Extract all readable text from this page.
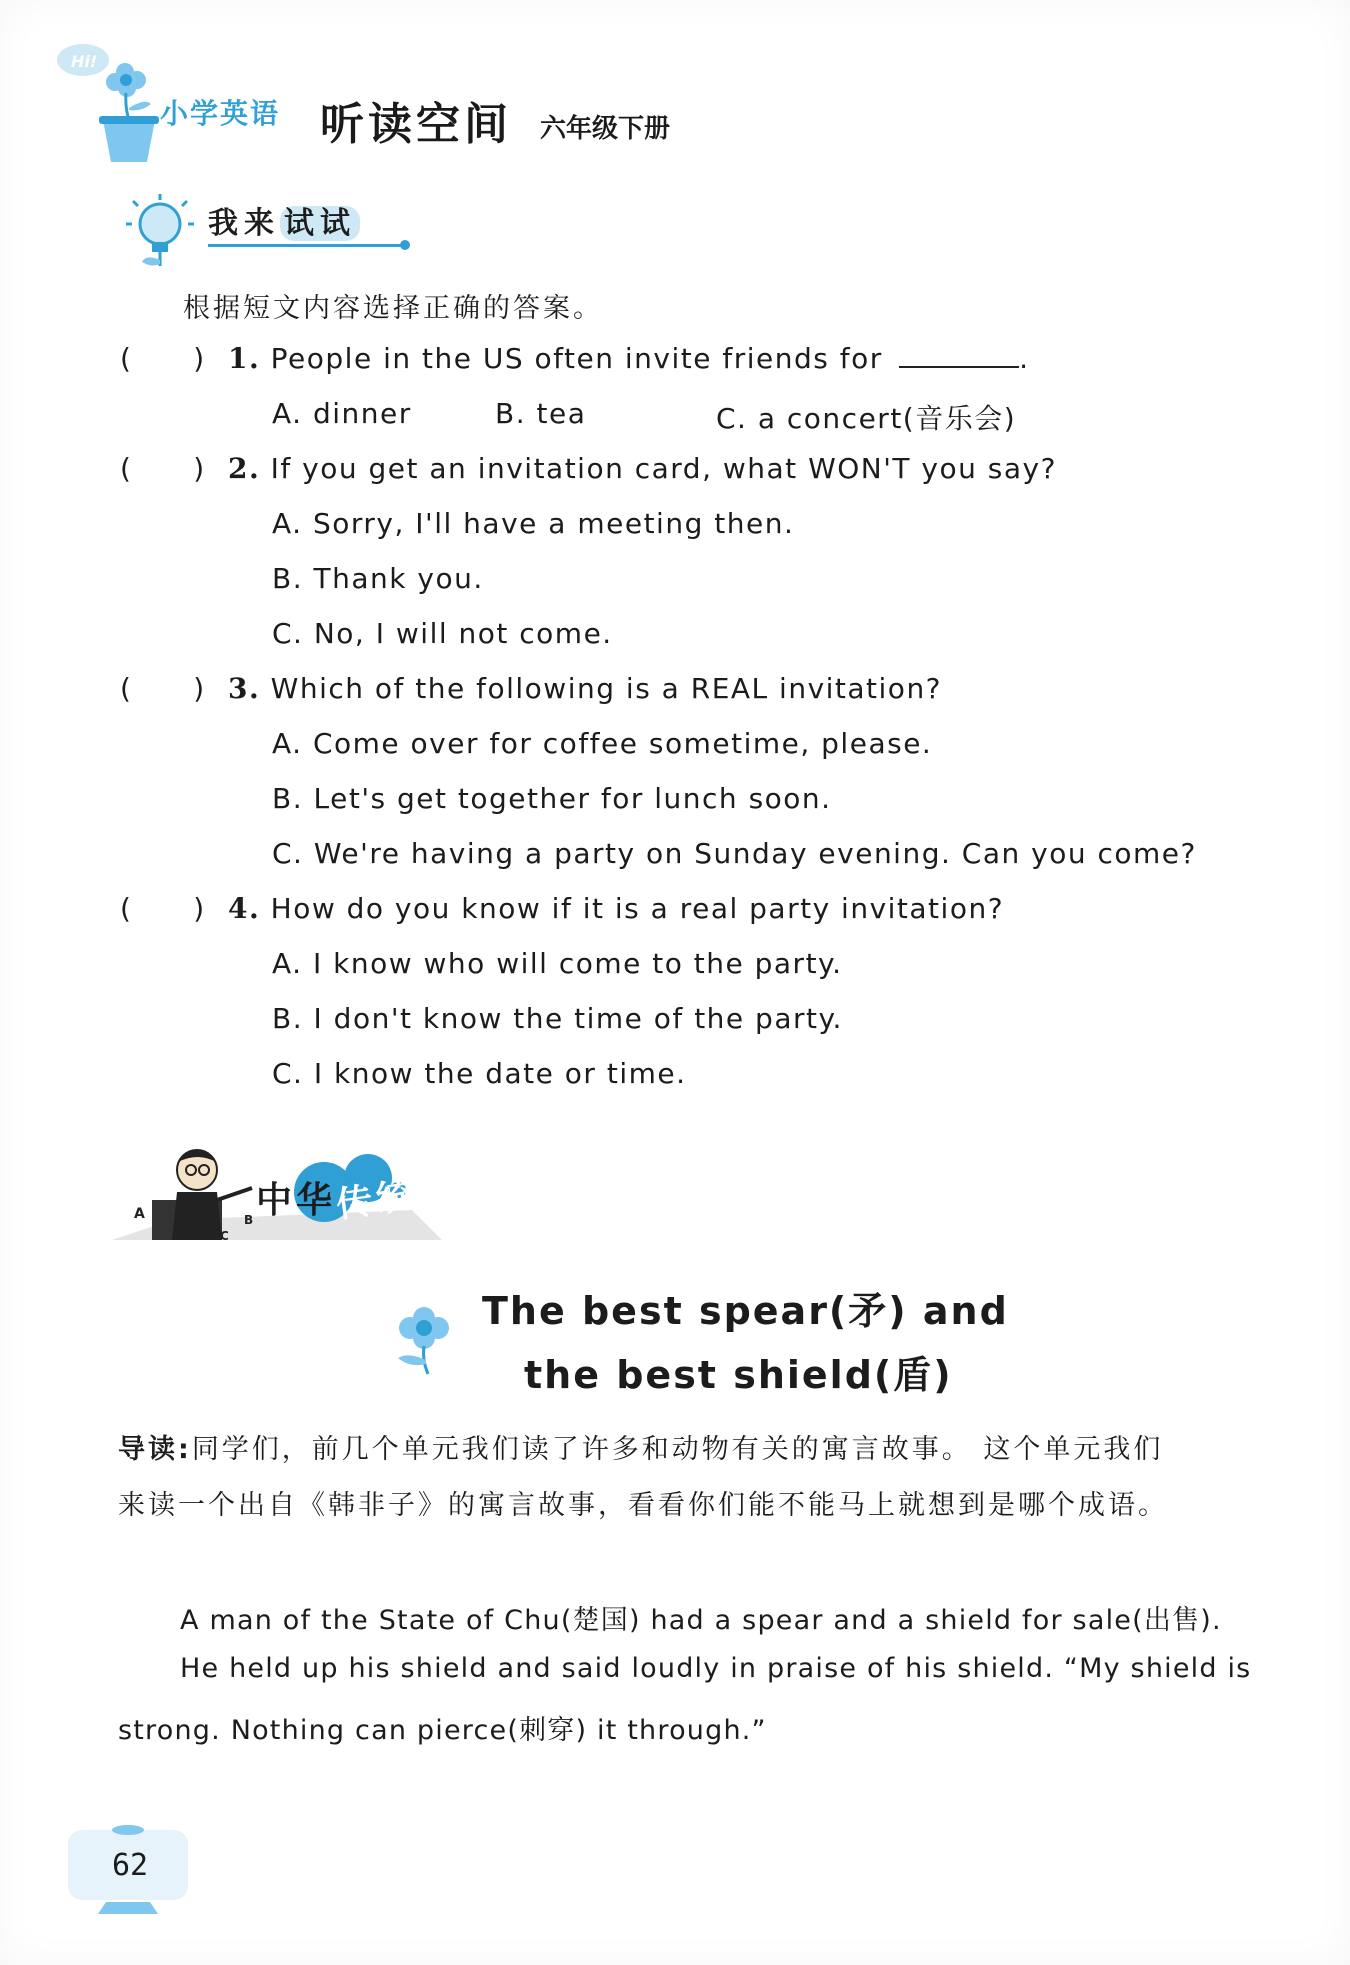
Hi!
小学英语 听读空间 六年级下册
我来 试试
根据短文内容选择正确的答案。
(       ) 1. People in the US often invite friends for	.
A. dinner	B. tea	C. a concert(音乐会)
(       ) 2. If you get an invitation card, what WON'T you say?
A. Sorry, I'll have a meeting then.
B. Thank you.
C. No, I will not come.
(       ) 3. Which of the following is a REAL invitation?
A. Come over for coffee sometime, please.
B. Let's get together for lunch soon.
C. We're having a party on Sunday evening. Can you come?
(       ) 4. How do you know if it is a real party invitation?
A. I know who will come to the party.
B. I don't know the time of the party.
C. I know the date or time.
A	B
C
中华传统
The best spear(矛) and
the best shield(盾)
导读:同学们，前几个单元我们读了许多和动物有关的寓言故事。 这个单元我们
来读一个出自《韩非子》的寓言故事，看看你们能不能马上就想到是哪个成语。
A man of the State of Chu(楚国) had a spear and a shield for sale(出售).
He held up his shield and said loudly in praise of his shield. “My shield is
strong. Nothing can pierce(刺穿) it through.”
62
